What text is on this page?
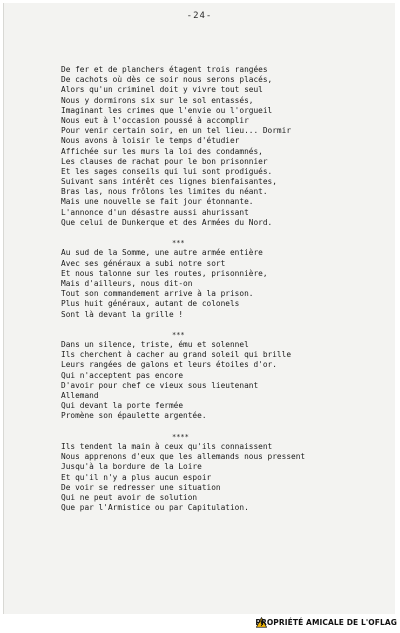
-24-
De fer et de planchers étagent trois rangées
De cachots où dès ce soir nous serons placés,
Alors qu'un criminel doit y vivre tout seul
Nous y dormirons six sur le sol entassés,
Imaginant les crimes que l'envie ou l'orgueil
Nous eut à l'occasion poussé à accomplir
Pour venir certain soir, en un tel lieu... Dormir
Nous avons à loisir le temps d'étudier
Affichée sur les murs la loi des condamnés,
Les clauses de rachat pour le bon prisonnier
Et les sages conseils qui lui sont prodigués.
Suivant sans intérêt ces lignes bienfaisantes,
Bras las, nous frôlons les limites du néant.
Mais une nouvelle se fait jour étonnante.
L'annonce d'un désastre aussi ahurissant
Que celui de Dunkerque et des Armées du Nord.
***
Au sud de la Somme, une autre armée entière
Avec ses généraux a subi notre sort
Et nous talonne sur les routes, prisonnière,
Mais d'ailleurs, nous dit-on
Tout son commandement arrive à la prison.
Plus huit généraux, autant de colonels
Sont là devant la grille !
***
Dans un silence, triste, ému et solennel
Ils cherchent à cacher au grand soleil qui brille
Leurs rangées de galons et leurs étoiles d'or.
Qui n'acceptent pas encore
D'avoir pour chef ce vieux sous lieutenant
Allemand
Qui devant la porte fermée
Promène son épaulette argentée.
****
Ils tendent la main à ceux qu'ils connaissent
Nous apprenons d'eux que les allemands nous pressent
Jusqu'à la bordure de la Loire
Et qu'il n'y a plus aucun espoir
De voir se redresser une situation
Qui ne peut avoir de solution
Que par l'Armistice ou par Capitulation.
PROPRIÉTÉ AMICALE DE L'OFLAG
